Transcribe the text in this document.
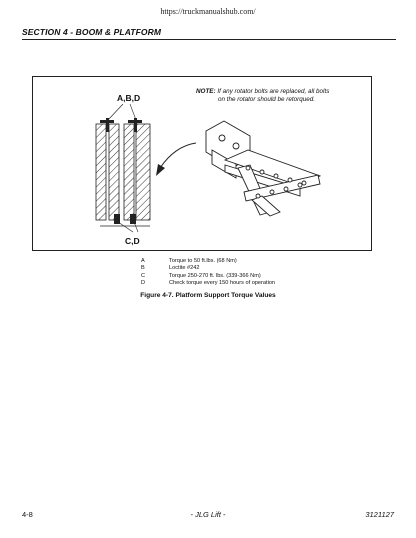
https://truckmanualshub.com/
SECTION 4 - BOOM & PLATFORM
NOTE: If any rotator bolts are replaced, all bolts
on the rotator should be retorqued.
A,B,D
C,D
A	Torque to 50 ft.lbs. (68 Nm)
B	Loctite #242
C	Torque 250-270 ft. lbs. (339-366 Nm)
D	Check torque every 150 hours of operation
Figure 4-7. Platform Support Torque Values
4-8	- JLG Lift -	3121127
